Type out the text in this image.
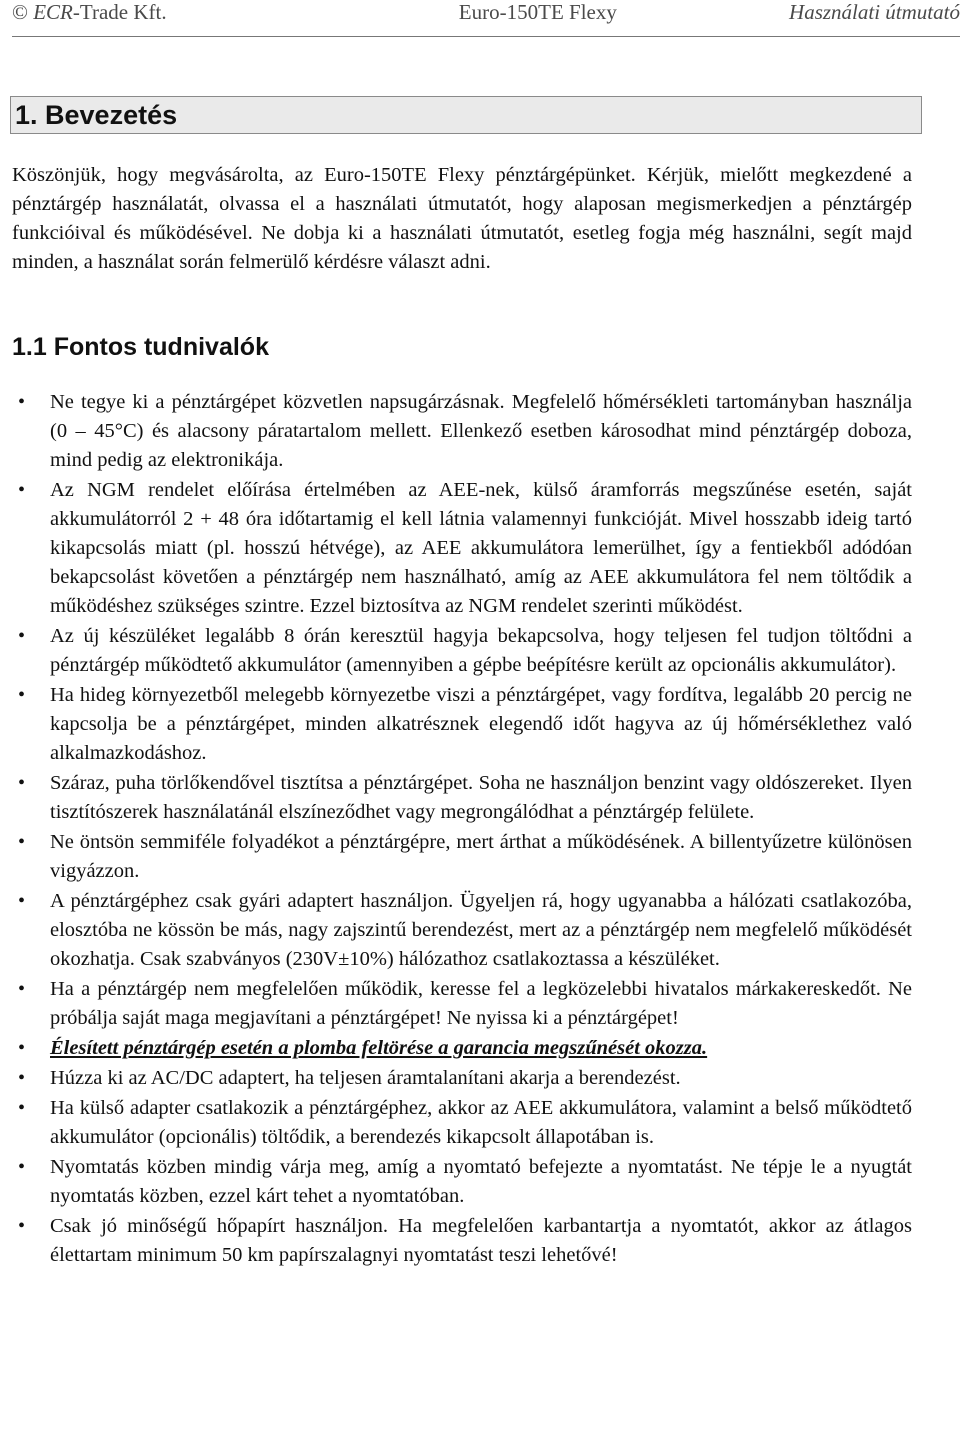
© ECR-Trade Kft.	Euro-150TE Flexy	Használati útmutató
1. Bevezetés

Köszönjük, hogy megvásárolta, az Euro-150TE Flexy pénztárgépünket. Kérjük, mielőtt megkezdené a pénztárgép használatát, olvassa el a használati útmutatót, hogy alaposan megismerkedjen a pénztárgép funkcióival és működésével. Ne dobja ki a használati útmutatót, esetleg fogja még használni, segít majd minden, a használat során felmerülő kérdésre választ adni.

1.1 Fontos tudnivalók
• Ne tegye ki a pénztárgépet közvetlen napsugárzásnak. Megfelelő hőmérsékleti tartományban használja (0 – 45°C) és alacsony páratartalom mellett. Ellenkező esetben károsodhat mind pénztárgép doboza, mind pedig az elektronikája.
• Az NGM rendelet előírása értelmében az AEE-nek, külső áramforrás megszűnése esetén, saját akkumulátorról 2 + 48 óra időtartamig el kell látnia valamennyi funkcióját. Mivel hosszabb ideig tartó kikapcsolás miatt (pl. hosszú hétvége), az AEE akkumulátora lemerülhet, így a fentiekből adódóan bekapcsolást követően a pénztárgép nem használható, amíg az AEE akkumulátora fel nem töltődik a működéshez szükséges szintre. Ezzel biztosítva az NGM rendelet szerinti működést.
• Az új készüléket legalább 8 órán keresztül hagyja bekapcsolva, hogy teljesen fel tudjon töltődni a pénztárgép működtető akkumulátor (amennyiben a gépbe beépítésre került az opcionális akkumulátor).
• Ha hideg környezetből melegebb környezetbe viszi a pénztárgépet, vagy fordítva, legalább 20 percig ne kapcsolja be a pénztárgépet, minden alkatrésznek elegendő időt hagyva az új hőmérséklethez való alkalmazkodáshoz.
• Száraz, puha törlőkendővel tisztítsa a pénztárgépet. Soha ne használjon benzint vagy oldószereket. Ilyen tisztítószerek használatánál elszíneződhet vagy megrongálódhat a pénztárgép felülete.
• Ne öntsön semmiféle folyadékot a pénztárgépre, mert árthat a működésének. A billentyűzetre különösen vigyázzon.
• A pénztárgéphez csak gyári adaptert használjon. Ügyeljen rá, hogy ugyanabba a hálózati csatlakozóba, elosztóba ne kössön be más, nagy zajszintű berendezést, mert az a pénztárgép nem megfelelő működését okozhatja. Csak szabványos (230V±10%) hálózathoz csatlakoztassa a készüléket.
• Ha a pénztárgép nem megfelelően működik, keresse fel a legközelebbi hivatalos márkakereskedőt. Ne próbálja saját maga megjavítani a pénztárgépet! Ne nyissa ki a pénztárgépet!
• Élesített pénztárgép esetén a plomba feltörése a garancia megszűnését okozza.
• Húzza ki az AC/DC adaptert, ha teljesen áramtalanítani akarja a berendezést.
• Ha külső adapter csatlakozik a pénztárgéphez, akkor az AEE akkumulátora, valamint a belső működtető akkumulátor (opcionális) töltődik, a berendezés kikapcsolt állapotában is.
• Nyomtatás közben mindig várja meg, amíg a nyomtató befejezte a nyomtatást. Ne tépje le a nyugtát nyomtatás közben, ezzel kárt tehet a nyomtatóban.
• Csak jó minőségű hőpapírt használjon. Ha megfelelően karbantartja a nyomtatót, akkor az átlagos élettartam minimum 50 km papírszalagnyi nyomtatást teszi lehetővé!
